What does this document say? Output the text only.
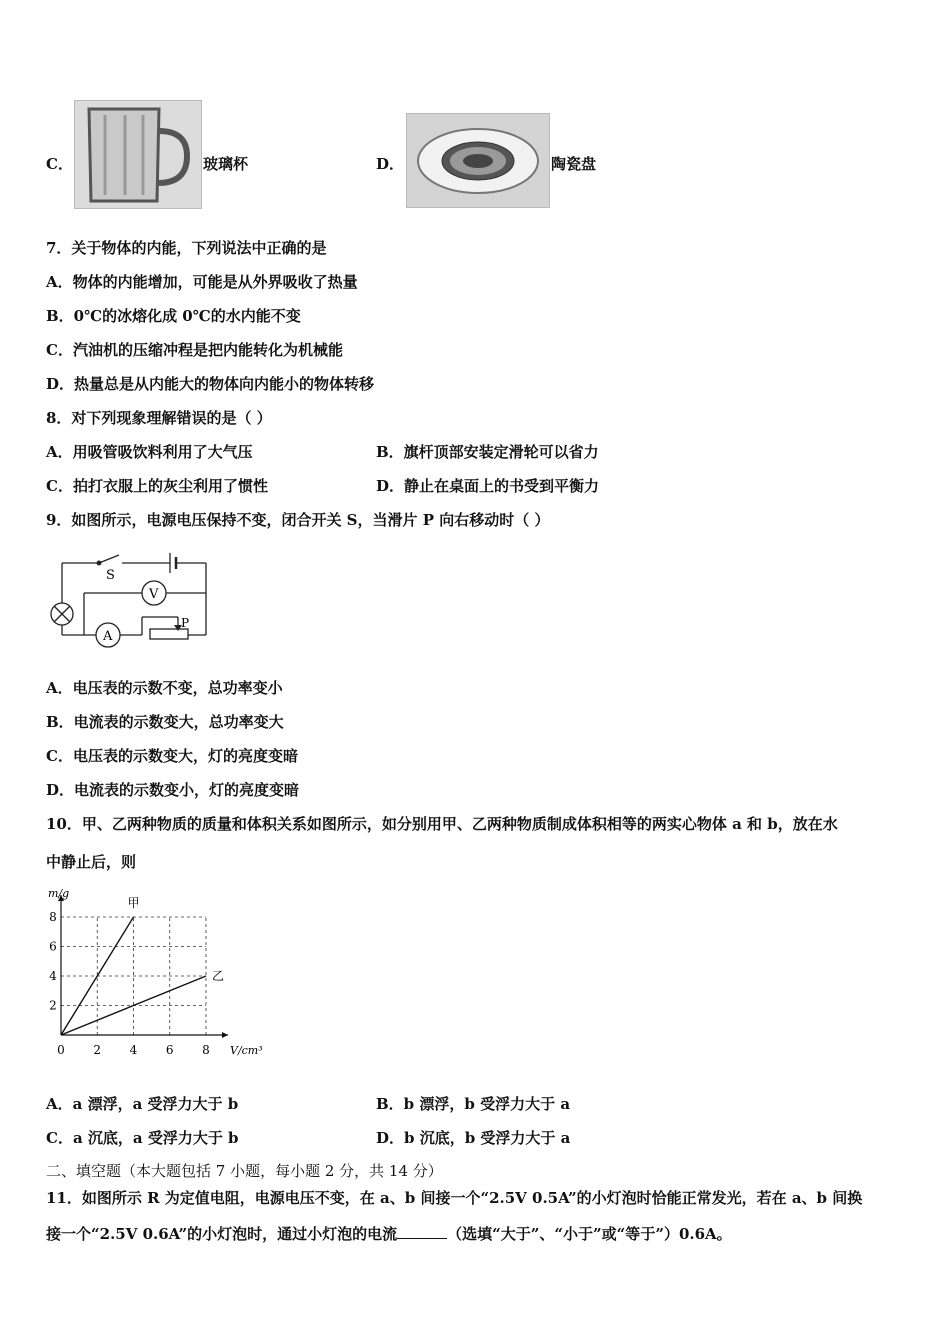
C．	玻璃杯	D．	陶瓷盘
7．关于物体的内能，下列说法中正确的是
A．物体的内能增加，可能是从外界吸收了热量
B．0℃的冰熔化成 0℃的水内能不变
C．汽油机的压缩冲程是把内能转化为机械能
D．热量总是从内能大的物体向内能小的物体转移
8．对下列现象理解错误的是（ ）
A．用吸管吸饮料利用了大气压	B．旗杆顶部安装定滑轮可以省力
C．拍打衣服上的灰尘利用了惯性	D．静止在桌面上的书受到平衡力
9．如图所示，电源电压保持不变，闭合开关 S，当滑片 P 向右移动时（ ）
S
V
A
P
A．电压表的示数不变，总功率变小
B．电流表的示数变大，总功率变大
C．电压表的示数变大，灯的亮度变暗
D．电流表的示数变小，灯的亮度变暗
10．甲、乙两种物质的质量和体积关系如图所示，如分别用甲、乙两种物质制成体积相等的两实心物体 a 和 b，放在水
中静止后，则
0 2 4 6 8
2
4
6
8
V/cm³
m/g
甲
乙
A．a 漂浮，a 受浮力大于 b	B．b 漂浮，b 受浮力大于 a
C．a 沉底，a 受浮力大于 b	D．b 沉底，b 受浮力大于 a
二、填空题（本大题包括 7 小题，每小题 2 分，共 14 分）
11．如图所示 R 为定值电阻，电源电压不变，在 a、b 间接一个“2.5V 0.5A”的小灯泡时恰能正常发光，若在 a、b 间换
接一个“2.5V 0.6A”的小灯泡时，通过小灯泡的电流	（选填“大于”、“小于”或“等于”）0.6A。
